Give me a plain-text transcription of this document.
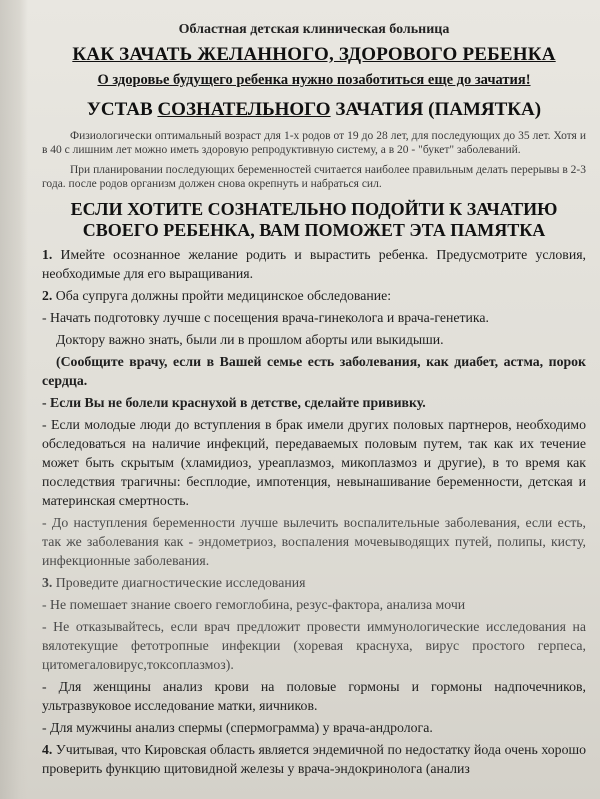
Областная детская клиническая больница
КАК ЗАЧАТЬ ЖЕЛАННОГО, ЗДОРОВОГО РЕБЕНКА
О здоровье будущего ребенка нужно позаботиться еще до зачатия!
УСТАВ СОЗНАТЕЛЬНОГО ЗАЧАТИЯ (ПАМЯТКА)

Физиологически оптимальный возраст для 1-х родов от 19 до 28 лет, для последующих до 35 лет. Хотя и в 40 с лишним лет можно иметь здоровую репродуктивную систему, а в 20 - "букет" заболеваний.

При планировании последующих беременностей считается наиболее правильным делать перерывы в 2-3 года. после родов организм должен снова окрепнуть и набраться сил.

ЕСЛИ ХОТИТЕ СОЗНАТЕЛЬНО ПОДОЙТИ К ЗАЧАТИЮ
СВОЕГО РЕБЕНКА, ВАМ ПОМОЖЕТ ЭТА ПАМЯТКА

1. Имейте осознанное желание родить и вырастить ребенка. Предусмотрите условия, необходимые для его выращивания.

2. Оба супруга должны пройти медицинское обследование:

- Начать подготовку лучше с посещения врача-гинеколога и врача-генетика.

Доктору важно знать, были ли в прошлом аборты или выкидыши.

(Сообщите врачу, если в Вашей семье есть заболевания, как диабет, астма, порок сердца.

- Если Вы не болели краснухой в детстве, сделайте прививку.

- Если молодые люди до вступления в брак имели других половых партнеров, необходимо обследоваться на наличие инфекций, передаваемых половым путем, так как их течение может быть скрытым (хламидиоз, уреаплазмоз, микоплазмоз и другие), в то время как последствия трагичны: бесплодие, импотенция, невынашивание беременности, детская и материнская смертность.

- До наступления беременности лучше вылечить воспалительные заболевания, если есть, так же заболевания как - эндометриоз, воспаления мочевыводящих путей, полипы, кисту, инфекционные заболевания.

3. Проведите диагностические исследования

- Не помешает знание своего гемоглобина, резус-фактора, анализа мочи

- Не отказывайтесь, если врач предложит провести иммунологические исследования на вялотекущие фетотропные инфекции (хоревая краснуха, вирус простого герпеса, цитомегаловирус,токсоплазмоз).

- Для женщины анализ крови на половые гормоны и гормоны надпочечников, ультразвуковое исследование матки, яичников.

- Для мужчины анализ спермы (спермограмма) у врача-андролога.

4. Учитывая, что Кировская область является эндемичной по недостатку йода очень хорошо проверить функцию щитовидной железы у врача-эндокринолога (анализ
